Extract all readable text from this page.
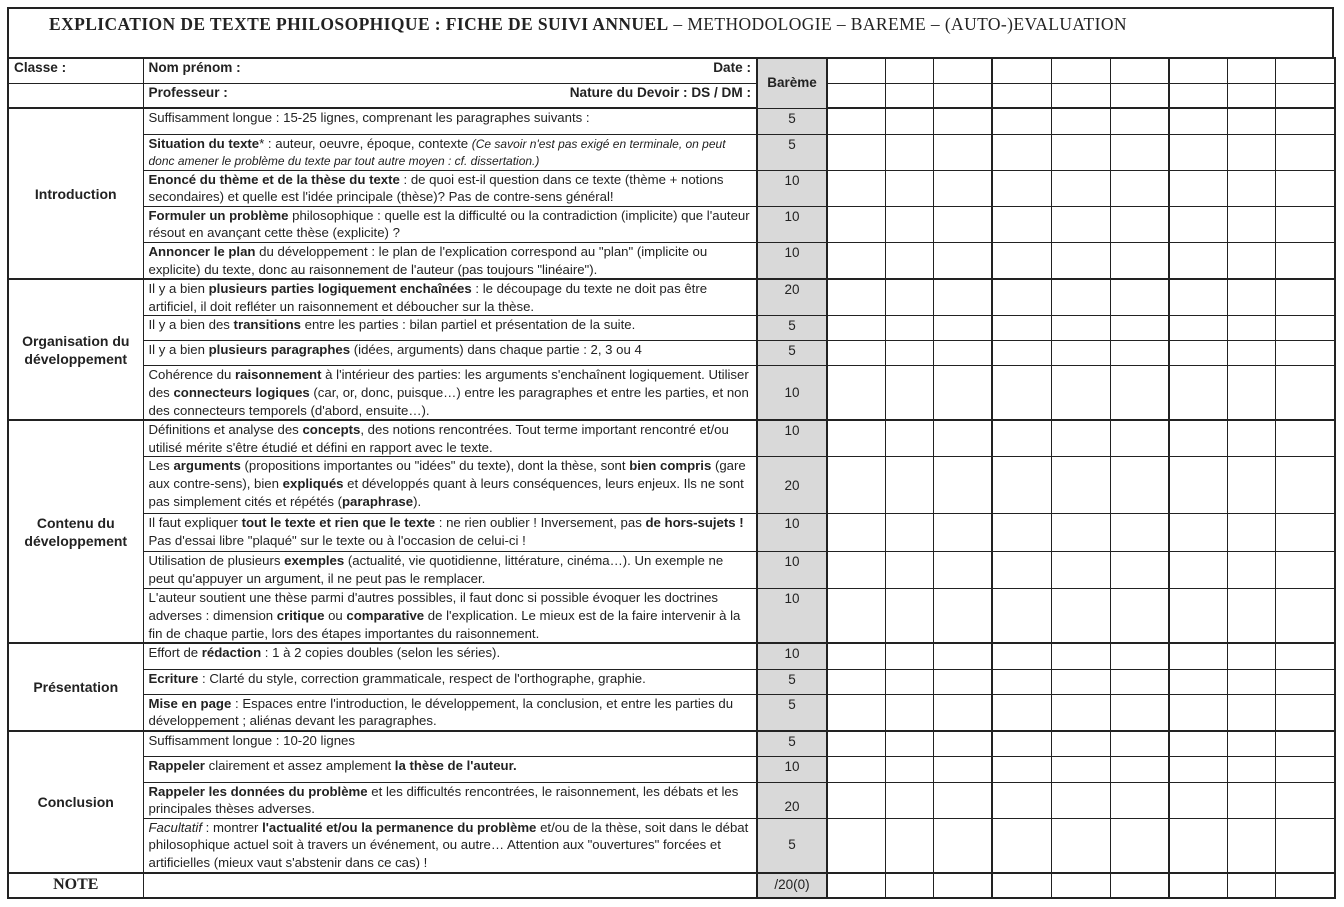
EXPLICATION DE TEXTE PHILOSOPHIQUE : FICHE DE SUIVI ANNUEL – METHODOLOGIE – BAREME – (AUTO-)EVALUATION
Classe :	Nom prénom : Date :	Barème									

	Professeur : Nature du Devoir : DS / DM :										

Introduction	Suffisamment longue : 15-25 lignes, comprenant les paragraphes suivants :	5									
	Situation du texte* : auteur, oeuvre, époque, contexte (Ce savoir n'est pas exigé en terminale, on peut donc amener le problème du texte par tout autre moyen : cf. dissertation.)	5									
	Enoncé du thème et de la thèse du texte : de quoi est-il question dans ce texte (thème + notions secondaires) et quelle est l'idée principale (thèse)? Pas de contre-sens général!	10									
	Formuler un problème philosophique : quelle est la difficulté ou la contradiction (implicite) que l'auteur résout en avançant cette thèse (explicite) ?	10									
	Annoncer le plan du développement : le plan de l'explication correspond au "plan" (implicite ou explicite) du texte, donc au raisonnement de l'auteur (pas toujours "linéaire").	10									
Organisation du développement	Il y a bien plusieurs parties logiquement enchaînées : le découpage du texte ne doit pas être artificiel, il doit refléter un raisonnement et déboucher sur la thèse.	20									
	Il y a bien des transitions entre les parties : bilan partiel et présentation de la suite.	5									
	Il y a bien plusieurs paragraphes (idées, arguments) dans chaque partie : 2, 3 ou 4	5									
	Cohérence du raisonnement à l'intérieur des parties: les arguments s'enchaînent logiquement. Utiliser des connecteurs logiques (car, or, donc, puisque…) entre les paragraphes et entre les parties, et non des connecteurs temporels (d'abord, ensuite…).	10									
Contenu du développement	Définitions et analyse des concepts, des notions rencontrées. Tout terme important rencontré et/ou utilisé mérite s'être étudié et défini en rapport avec le texte.	10									
	Les arguments (propositions importantes ou "idées" du texte), dont la thèse, sont bien compris (gare aux contre-sens), bien expliqués et développés quant à leurs conséquences, leurs enjeux. Ils ne sont pas simplement cités et répétés (paraphrase).	20									
	Il faut expliquer tout le texte et rien que le texte : ne rien oublier ! Inversement, pas de hors-sujets ! Pas d'essai libre "plaqué" sur le texte ou à l'occasion de celui-ci !	10									
	Utilisation de plusieurs exemples (actualité, vie quotidienne, littérature, cinéma…). Un exemple ne peut qu'appuyer un argument, il ne peut pas le remplacer.	10									
	L'auteur soutient une thèse parmi d'autres possibles, il faut donc si possible évoquer les doctrines adverses : dimension critique ou comparative de l'explication. Le mieux est de la faire intervenir à la fin de chaque partie, lors des étapes importantes du raisonnement.	10									
Présentation	Effort de rédaction : 1 à 2 copies doubles (selon les séries).	10									
	Ecriture : Clarté du style, correction grammaticale, respect de l'orthographe, graphie.	5									
	Mise en page : Espaces entre l'introduction, le développement, la conclusion, et entre les parties du développement ; aliénas devant les paragraphes.	5									
Conclusion	Suffisamment longue : 10-20 lignes	5									
	Rappeler clairement et assez amplement la thèse de l'auteur.	10									
	Rappeler les données du problème et les difficultés rencontrées, le raisonnement, les débats et les principales thèses adverses.	20									
	Facultatif : montrer l'actualité et/ou la permanence du problème et/ou de la thèse, soit dans le débat philosophique actuel soit à travers un événement, ou autre… Attention aux "ouvertures" forcées et artificielles (mieux vaut s'abstenir dans ce cas) !	5									
NOTE		/20(0)									
